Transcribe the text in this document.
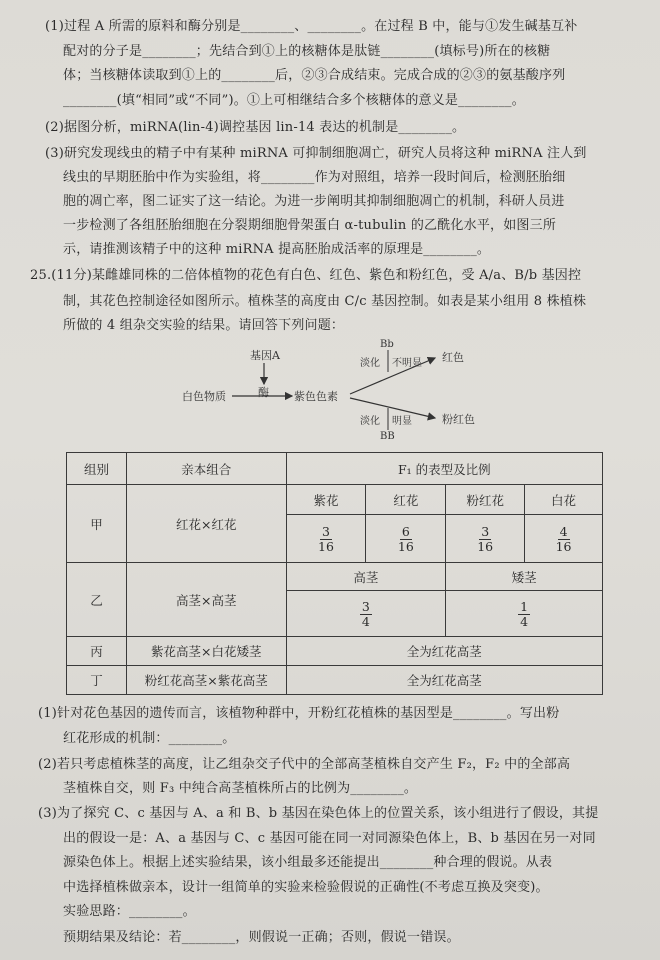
(1)过程 A 所需的原料和酶分别是________、________。在过程 B 中，能与①发生碱基互补
配对的分子是________；先结合到①上的核糖体是肽链________(填标号)所在的核糖
体；当核糖体读取到①上的________后，②③合成结束。完成合成的②③的氨基酸序列
________(填“相同”或“不同”)。①上可相继结合多个核糖体的意义是________。
(2)据图分析，miRNA(lin-4)调控基因 lin-14 表达的机制是________。
(3)研究发现线虫的精子中有某种 miRNA 可抑制细胞凋亡，研究人员将这种 miRNA 注人到
线虫的早期胚胎中作为实验组，将________作为对照组，培养一段时间后，检测胚胎细
胞的凋亡率，图二证实了这一结论。为进一步阐明其抑制细胞凋亡的机制，科研人员进
一步检测了各组胚胎细胞在分裂期细胞骨架蛋白 α-tubulin 的乙酰化水平，如图三所
示，请推测该精子中的这种 miRNA 提高胚胎成活率的原理是________。
25.(11分)某雌雄同株的二倍体植物的花色有白色、红色、紫色和粉红色，受 A/a、B/b 基因控
制，其花色控制途径如图所示。植株茎的高度由 C/c 基因控制。如表是某小组用 8 株植株
所做的 4 组杂交实验的结果。请回答下列问题：
基因A
酶
白色物质	紫色色素
Bb
淡化 不明显 红色
淡化 明显
BB
粉红色
组别	亲本组合	F₁ 的表型及比例			
甲	红花×红花	紫花	红花	粉红花	白花

		$\frac{3}{16}$	$\frac{6}{16}$	$\frac{3}{16}$	$\frac{4}{16}$

乙	高茎×高茎	高茎		矮茎	

		$\frac{3}{4}$		$\frac{1}{4}$

丙	紫花高茎×白花矮茎	全为红花高茎			
丁	粉红花高茎×紫花高茎	全为红花高茎			
(1)针对花色基因的遗传而言，该植物种群中，开粉红花植株的基因型是________。写出粉
红花形成的机制：________。
(2)若只考虑植株茎的高度，让乙组杂交子代中的全部高茎植株自交产生 F₂，F₂ 中的全部高
茎植株自交，则 F₃ 中纯合高茎植株所占的比例为________。
(3)为了探究 C、c 基因与 A、a 和 B、b 基因在染色体上的位置关系，该小组进行了假设，其提
出的假设一是：A、a 基因与 C、c 基因可能在同一对同源染色体上，B、b 基因在另一对同
源染色体上。根据上述实验结果，该小组最多还能提出________种合理的假说。从表
中选择植株做亲本，设计一组简单的实验来检验假说的正确性(不考虑互换及突变)。
实验思路：________。
预期结果及结论：若________，则假说一正确；否则，假说一错误。
